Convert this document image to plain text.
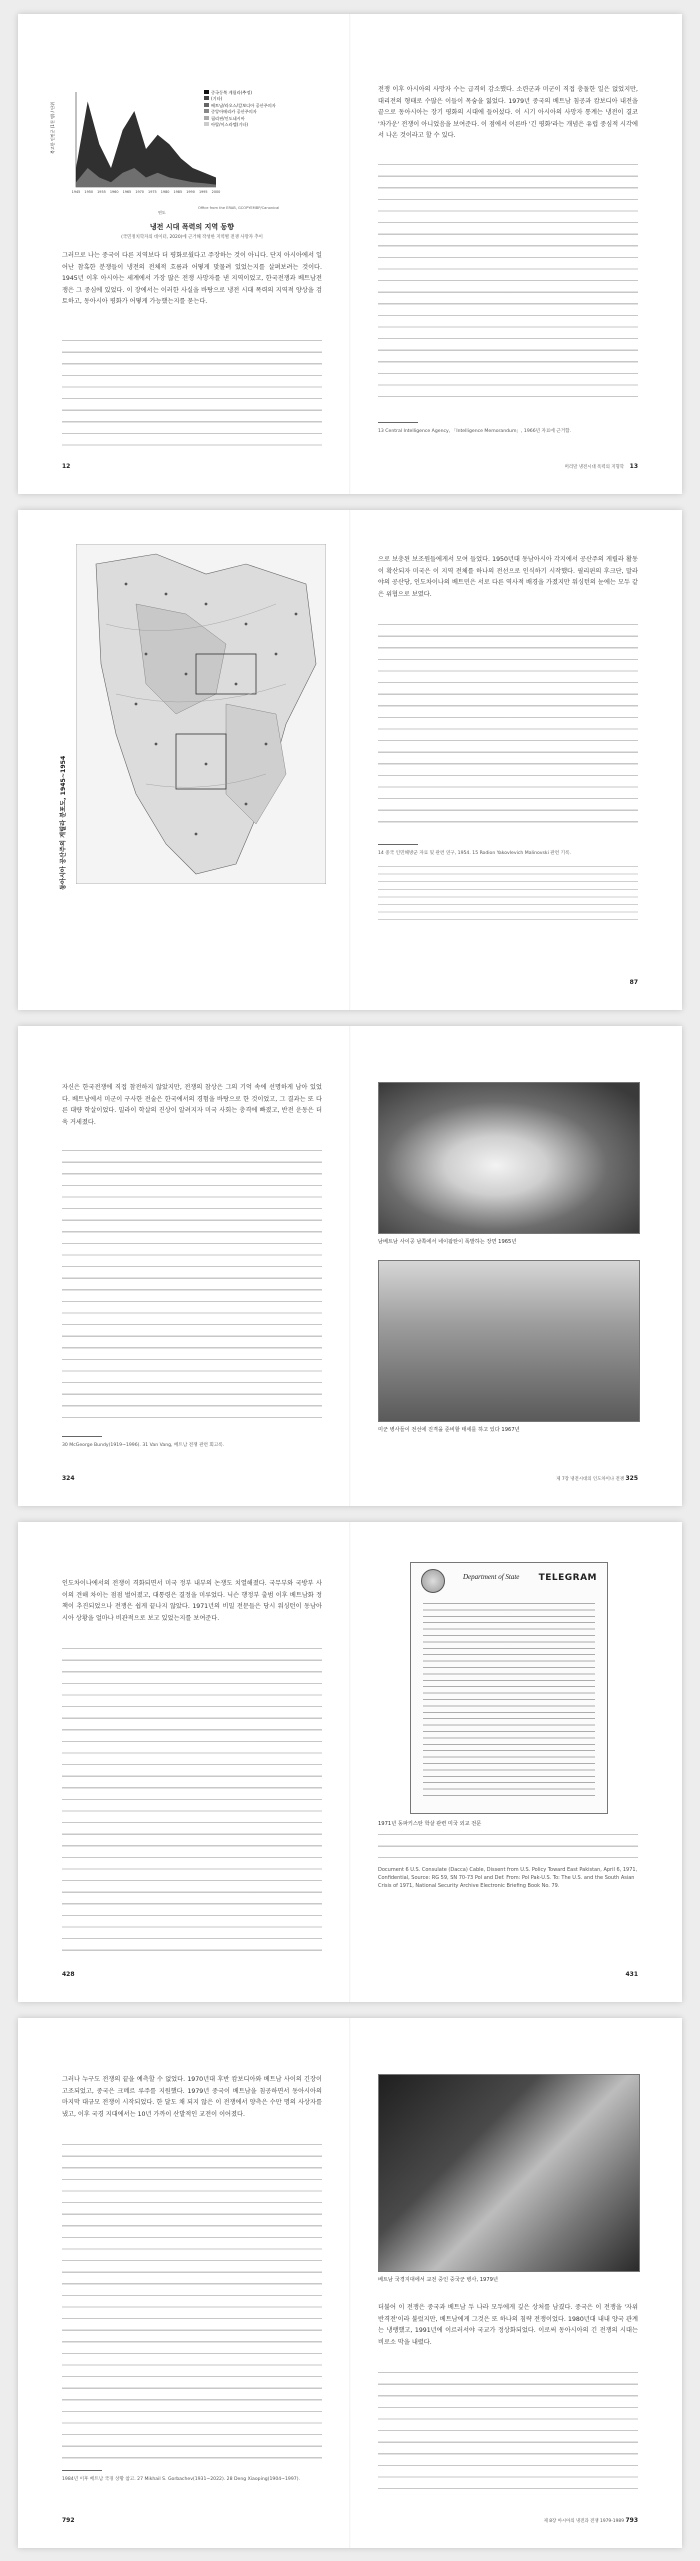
1945 1950 1955 1960 1965 1970 1975 1980 1985 1990 1995 2000
북고한 인민군 (1천 명) / 단위
중국동북 게릴라(추정)
(기타)
베트남/라오스/캄보디아 공산주의자
중앙아메리카 공산주의자
필리핀/인도네시아
아랍/이스라엘(기타)
Office from the ERAB, GCOPYEMBP/Canonical
연도
냉전 시대 폭력의 지역 동향
(국민정치학자의 데이터, 2020)에 근거해 작성한 지역별 전쟁 사망자 추이
그러므로 나는 중국이 다른 지역보다 더 평화로웠다고 주장하는 것이 아니다. 단지 아시아에서 일어난 참혹한 분쟁들이 냉전의 전체적 흐름과 어떻게 맞물려 있었는지를 살펴보려는 것이다. 1945년 이후 아시아는 세계에서 가장 많은 전쟁 사망자를 낸 지역이었고, 한국전쟁과 베트남전쟁은 그 중심에 있었다. 이 장에서는 이러한 사실을 바탕으로 냉전 시대 폭력의 지역적 양상을 검토하고, 동아시아 평화가 어떻게 가능했는지를 묻는다.
12
전쟁 이후 아시아의 사망자 수는 급격히 감소했다. 소련군과 미군이 직접 충돌한 일은 없었지만, 대리전의 형태로 수많은 이들이 목숨을 잃었다. 1979년 중국의 베트남 침공과 캄보디아 내전을 끝으로 동아시아는 장기 평화의 시대에 들어섰다. 이 시기 아시아의 사망자 통계는 냉전이 결코 '차가운' 전쟁이 아니었음을 보여준다. 이 점에서 이른바 '긴 평화'라는 개념은 유럽 중심적 시각에서 나온 것이라고 할 수 있다.
13 Central Intelligence Agency, 「Intelligence Memorandum」, 1966년 자료에 근거함.
머리말 냉전시대 폭력의 지형학 13
동아시아 공산주의 게릴라 분포도, 1945~1954
으로 보충된 보조원들에게서 모여 들었다. 1950년대 동남아시아 각지에서 공산주의 게릴라 활동이 확산되자 미국은 이 지역 전체를 하나의 전선으로 인식하기 시작했다. 필리핀의 후크단, 말라야의 공산당, 인도차이나의 베트민은 서로 다른 역사적 배경을 가졌지만 워싱턴의 눈에는 모두 같은 위협으로 보였다.
14 중국 인민해방군 자료 및 관련 연구, 1954. 15 Rodion Yakovlevich Malinovski 관련 기록.
87
자신은 한국전쟁에 직접 참전하지 않았지만, 전쟁의 참상은 그의 기억 속에 선명하게 남아 있었다. 베트남에서 미군이 구사한 전술은 한국에서의 경험을 바탕으로 한 것이었고, 그 결과는 또 다른 대량 학살이었다. 밀라이 학살의 진상이 알려지자 미국 사회는 충격에 빠졌고, 반전 운동은 더욱 거세졌다.
30 McGeorge Bundy(1919~1996). 31 Van Vang, 베트남 전쟁 관련 회고록.
324
남베트남 사이공 남쪽에서 네이팜탄이 폭발하는 장면 1965년
미군 병사들이 전선에 진격을 준비할 태세를 하고 있다 1967년
제 7장 냉전시대의 인도차이나 전쟁 325
인도차이나에서의 전쟁이 격화되면서 미국 정부 내부의 논쟁도 치열해졌다. 국무부와 국방부 사이의 견해 차이는 점점 벌어졌고, 대통령은 결정을 미루었다. 닉슨 행정부 출범 이후 베트남화 정책이 추진되었으나 전쟁은 쉽게 끝나지 않았다. 1971년의 비밀 전문들은 당시 워싱턴이 동남아시아 상황을 얼마나 비관적으로 보고 있었는지를 보여준다.
428
Department of State TELEGRAM
1971년 동파키스탄 학살 관련 미국 외교 전문
Document 6 U.S. Consulate (Dacca) Cable, Dissent from U.S. Policy Toward East Pakistan, April 6, 1971, Confidential, Source: RG 59, SN 70-73 Pol and Def. From: Pol Pak-U.S. To: The U.S. and the South Asian Crisis of 1971, National Security Archive Electronic Briefing Book No. 79.
431
그러나 누구도 전쟁의 끝을 예측할 수 없었다. 1970년대 후반 캄보디아와 베트남 사이의 긴장이 고조되었고, 중국은 크메르 루주를 지원했다. 1979년 중국이 베트남을 침공하면서 동아시아의 마지막 대규모 전쟁이 시작되었다. 한 달도 채 되지 않은 이 전쟁에서 양측은 수만 명의 사상자를 냈고, 이후 국경 지대에서는 10년 가까이 산발적인 교전이 이어졌다.
1984년 이후 베트남 국경 상황 참고. 27 Mikhail S. Gorbachev(1931~2022). 28 Deng Xiaoping(1904~1997).
792
베트남 국경지대에서 교전 중인 중국군 병사, 1979년
더불어 이 전쟁은 중국과 베트남 두 나라 모두에게 깊은 상처를 남겼다. 중국은 이 전쟁을 '자위 반격전'이라 불렀지만, 베트남에게 그것은 또 하나의 침략 전쟁이었다. 1980년대 내내 양국 관계는 냉랭했고, 1991년에 이르러서야 국교가 정상화되었다. 이로써 동아시아의 긴 전쟁의 시대는 비로소 막을 내렸다.
제 8장 아시아의 냉전과 전쟁 1979-1989 793
